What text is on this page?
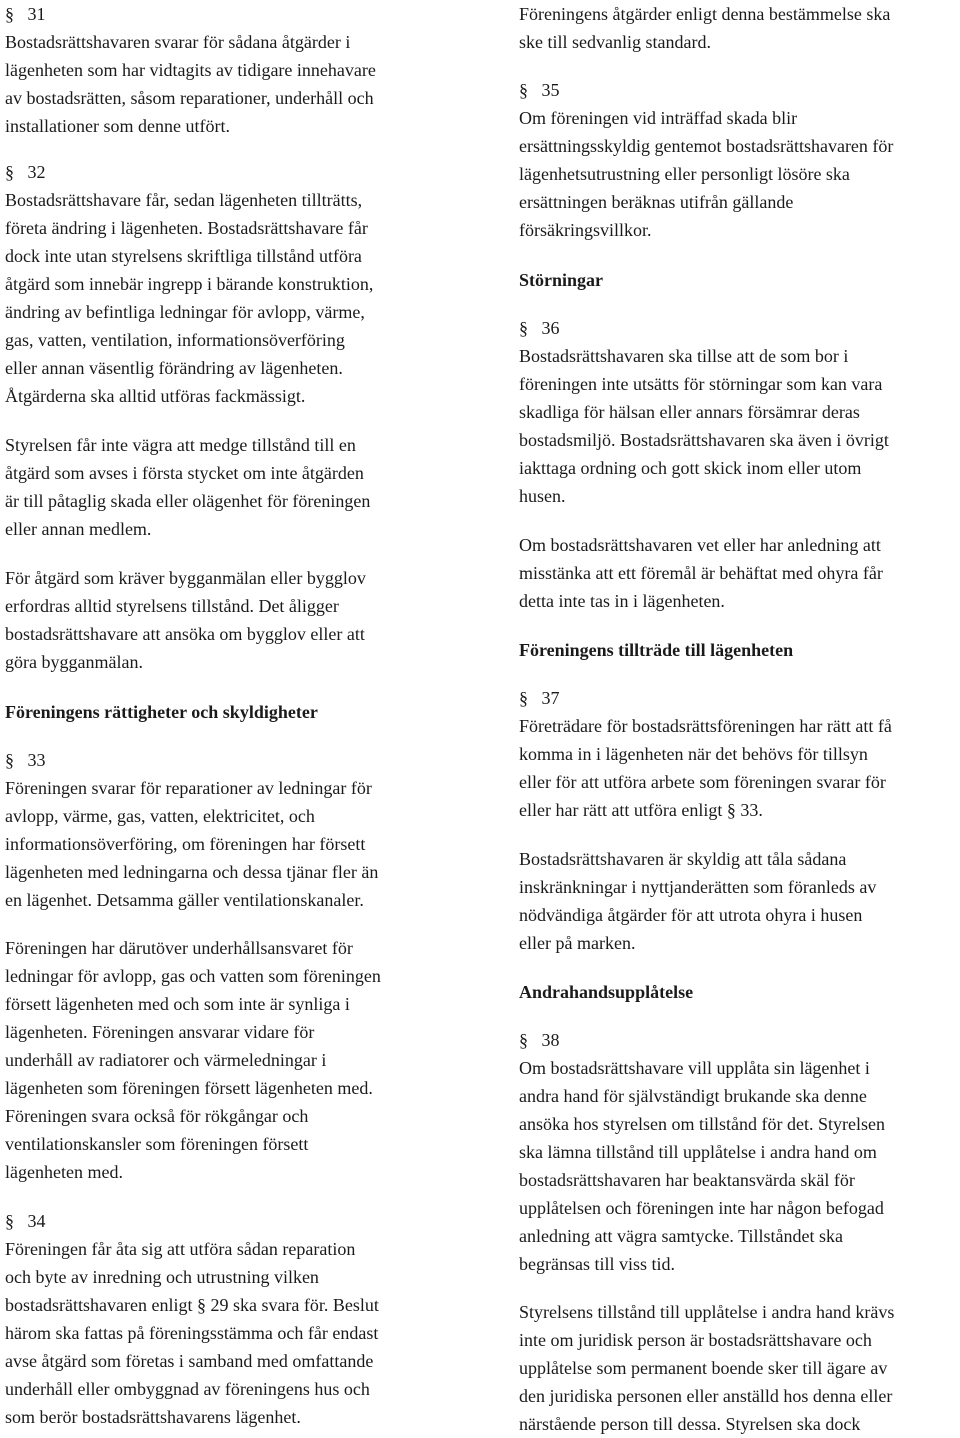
§ 31
Bostadsrättshavaren svarar för sådana åtgärder i
lägenheten som har vidtagits av tidigare innehavare
av bostadsrätten, såsom reparationer, underhåll och
installationer som denne utfört.
§ 32
Bostadsrättshavare får, sedan lägenheten tillträtts,
företa ändring i lägenheten. Bostadsrättshavare får
dock inte utan styrelsens skriftliga tillstånd utföra
åtgärd som innebär ingrepp i bärande konstruktion,
ändring av befintliga ledningar för avlopp, värme,
gas, vatten, ventilation, informationsöverföring
eller annan väsentlig förändring av lägenheten.
Åtgärderna ska alltid utföras fackmässigt.
Styrelsen får inte vägra att medge tillstånd till en
åtgärd som avses i första stycket om inte åtgärden
är till påtaglig skada eller olägenhet för föreningen
eller annan medlem.
För åtgärd som kräver bygganmälan eller bygglov
erfordras alltid styrelsens tillstånd. Det åligger
bostadsrättshavare att ansöka om bygglov eller att
göra bygganmälan.
Föreningens rättigheter och skyldigheter
§ 33
Föreningen svarar för reparationer av ledningar för
avlopp, värme, gas, vatten, elektricitet, och
informationsöverföring, om föreningen har försett
lägenheten med ledningarna och dessa tjänar fler än
en lägenhet. Detsamma gäller ventilationskanaler.
Föreningen har därutöver underhållsansvaret för
ledningar för avlopp, gas och vatten som föreningen
försett lägenheten med och som inte är synliga i
lägenheten. Föreningen ansvarar vidare för
underhåll av radiatorer och värmeledningar i
lägenheten som föreningen försett lägenheten med.
Föreningen svara också för rökgångar och
ventilationskansler som föreningen försett
lägenheten med.
§ 34
Föreningen får åta sig att utföra sådan reparation
och byte av inredning och utrustning vilken
bostadsrättshavaren enligt § 29 ska svara för. Beslut
härom ska fattas på föreningsstämma och får endast
avse åtgärd som företas i samband med omfattande
underhåll eller ombyggnad av föreningens hus och
som berör bostadsrättshavarens lägenhet.
Föreningens åtgärder enligt denna bestämmelse ska
ske till sedvanlig standard.
§ 35
Om föreningen vid inträffad skada blir
ersättningsskyldig gentemot bostadsrättshavaren för
lägenhetsutrustning eller personligt lösöre ska
ersättningen beräknas utifrån gällande
försäkringsvillkor.
Störningar
§ 36
Bostadsrättshavaren ska tillse att de som bor i
föreningen inte utsätts för störningar som kan vara
skadliga för hälsan eller annars försämrar deras
bostadsmiljö. Bostadsrättshavaren ska även i övrigt
iakttaga ordning och gott skick inom eller utom
husen.
Om bostadsrättshavaren vet eller har anledning att
misstänka att ett föremål är behäftat med ohyra får
detta inte tas in i lägenheten.
Föreningens tillträde till lägenheten
§ 37
Företrädare för bostadsrättsföreningen har rätt att få
komma in i lägenheten när det behövs för tillsyn
eller för att utföra arbete som föreningen svarar för
eller har rätt att utföra enligt § 33.
Bostadsrättshavaren är skyldig att tåla sådana
inskränkningar i nyttjanderätten som föranleds av
nödvändiga åtgärder för att utrota ohyra i husen
eller på marken.
Andrahandsupplåtelse
§ 38
Om bostadsrättshavare vill upplåta sin lägenhet i
andra hand för självständigt brukande ska denne
ansöka hos styrelsen om tillstånd för det. Styrelsen
ska lämna tillstånd till upplåtelse i andra hand om
bostadsrättshavaren har beaktansvärda skäl för
upplåtelsen och föreningen inte har någon befogad
anledning att vägra samtycke. Tillståndet ska
begränsas till viss tid.
Styrelsens tillstånd till upplåtelse i andra hand krävs
inte om juridisk person är bostadsrättshavare och
upplåtelse som permanent boende sker till ägare av
den juridiska personen eller anställd hos denna eller
närstående person till dessa. Styrelsen ska dock
